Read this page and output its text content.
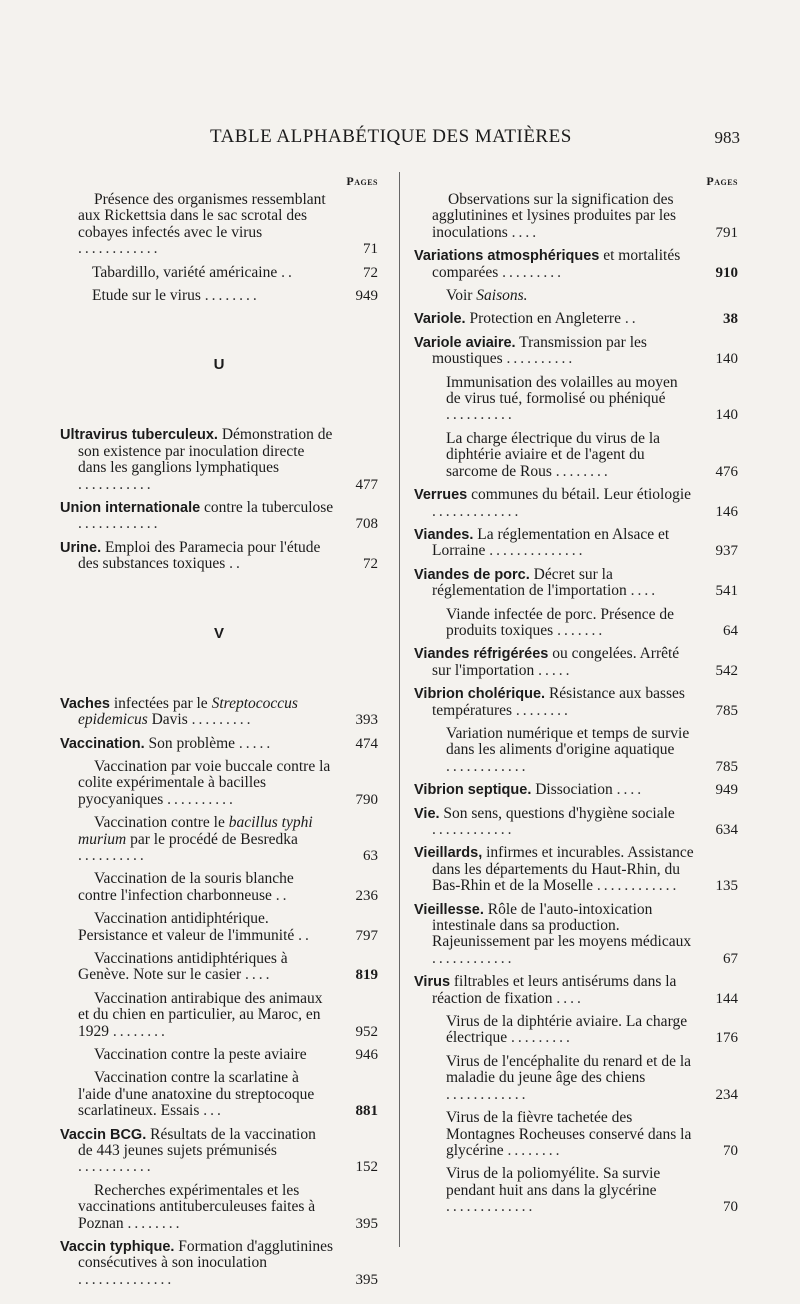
TABLE ALPHABÉTIQUE DES MATIÈRES	983
Pages
Présence des organismes ressemblant aux Rickettsia dans le sac scrotal des cobayes infectés avec le virus ............	71
Tabardillo, variété américaine ..	72
Etude sur le virus ........	949
U
Ultravirus tuberculeux. Démonstration de son existence par inoculation directe dans les ganglions lymphatiques ...........	477
Union internationale contre la tuberculose ............	708
Urine. Emploi des Paramecia pour l'étude des substances toxiques ..	72
V
Vaches infectées par le Streptococcus epidemicus Davis .........	393
Vaccination. Son problème .....	474
Vaccination par voie buccale contre la colite expérimentale à bacilles pyocyaniques ..........	790
Vaccination contre le bacillus typhi murium par le procédé de Besredka ..........	63
Vaccination de la souris blanche contre l'infection charbonneuse ..	236
Vaccination antidiphtérique. Persistance et valeur de l'immunité ..	797
Vaccinations antidiphtériques à Genève. Note sur le casier ....	819
Vaccination antirabique des animaux et du chien en particulier, au Maroc, en 1929 ........	952
Vaccination contre la peste aviaire	946
Vaccination contre la scarlatine à l'aide d'une anatoxine du streptocoque scarlatineux. Essais ...	881
Vaccin BCG. Résultats de la vaccination de 443 jeunes sujets prémunisés ...........	152
Recherches expérimentales et les vaccinations antituberculeuses faites à Poznan ........	395
Vaccin typhique. Formation d'agglutinines consécutives à son inoculation ..............	395
Pages
Observations sur la signification des agglutinines et lysines produites par les inoculations ....	791
Variations atmosphériques et mortalités comparées .........	910
Voir Saisons.
Variole. Protection en Angleterre ..	38
Variole aviaire. Transmission par les moustiques ..........	140
Immunisation des volailles au moyen de virus tué, formolisé ou phéniqué ..........	140
La charge électrique du virus de la diphtérie aviaire et de l'agent du sarcome de Rous ........	476
Verrues communes du bétail. Leur étiologie .............	146
Viandes. La réglementation en Alsace et Lorraine ..............	937
Viandes de porc. Décret sur la réglementation de l'importation ....	541
Viande infectée de porc. Présence de produits toxiques .......	64
Viandes réfrigérées ou congelées. Arrêté sur l'importation .....	542
Vibrion cholérique. Résistance aux basses températures ........	785
Variation numérique et temps de survie dans les aliments d'origine aquatique ............	785
Vibrion septique. Dissociation ....	949
Vie. Son sens, questions d'hygiène sociale ............	634
Vieillards, infirmes et incurables. Assistance dans les départements du Haut-Rhin, du Bas-Rhin et de la Moselle ............	135
Vieillesse. Rôle de l'auto-intoxication intestinale dans sa production. Rajeunissement par les moyens médicaux ............	67
Virus filtrables et leurs antisérums dans la réaction de fixation ....	144
Virus de la diphtérie aviaire. La charge électrique .........	176
Virus de l'encéphalite du renard et de la maladie du jeune âge des chiens ............	234
Virus de la fièvre tachetée des Montagnes Rocheuses conservé dans la glycérine ........	70
Virus de la poliomyélite. Sa survie pendant huit ans dans la glycérine .............	70
